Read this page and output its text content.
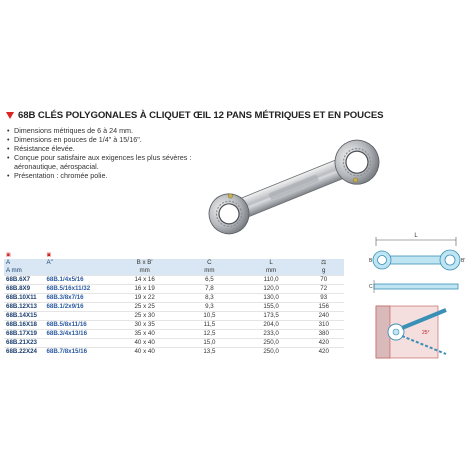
68B CLÉS POLYGONALES À CLIQUET ŒIL 12 PANS MÉTRIQUES ET EN POUCES
• Dimensions métriques de 6 à 24 mm.
• Dimensions en pouces de 1/4" à 15/16".
• Résistance élevée.
• Conçue pour satisfaire aux exigences les plus sévères :
aéronautique, aérospacial.
• Présentation : chromée polie.
▣	▣				
A	A"	B x B'	C	L	⚖
A mm		mm	mm	mm	g
68B.6X7	68B.1/4x5/16	14 x 16	6,5	110,0	70
68B.8X9	68B.5/16x11/32	16 x 19	7,8	120,0	72
68B.10X11	68B.3/8x7/16	19 x 22	8,3	130,0	93
68B.12X13	68B.1/2x9/16	25 x 25	9,3	155,0	156
68B.14X15		25 x 30	10,5	173,5	240
68B.16X18	68B.5/8x11/16	30 x 35	11,5	204,0	310
68B.17X19	68B.3/4x13/16	35 x 40	12,5	233,0	380
68B.21X23		40 x 40	15,0	250,0	420
68B.22X24	68B.7/8x15/16	40 x 40	13,5	250,0	420
L
B	B'
C
25°
